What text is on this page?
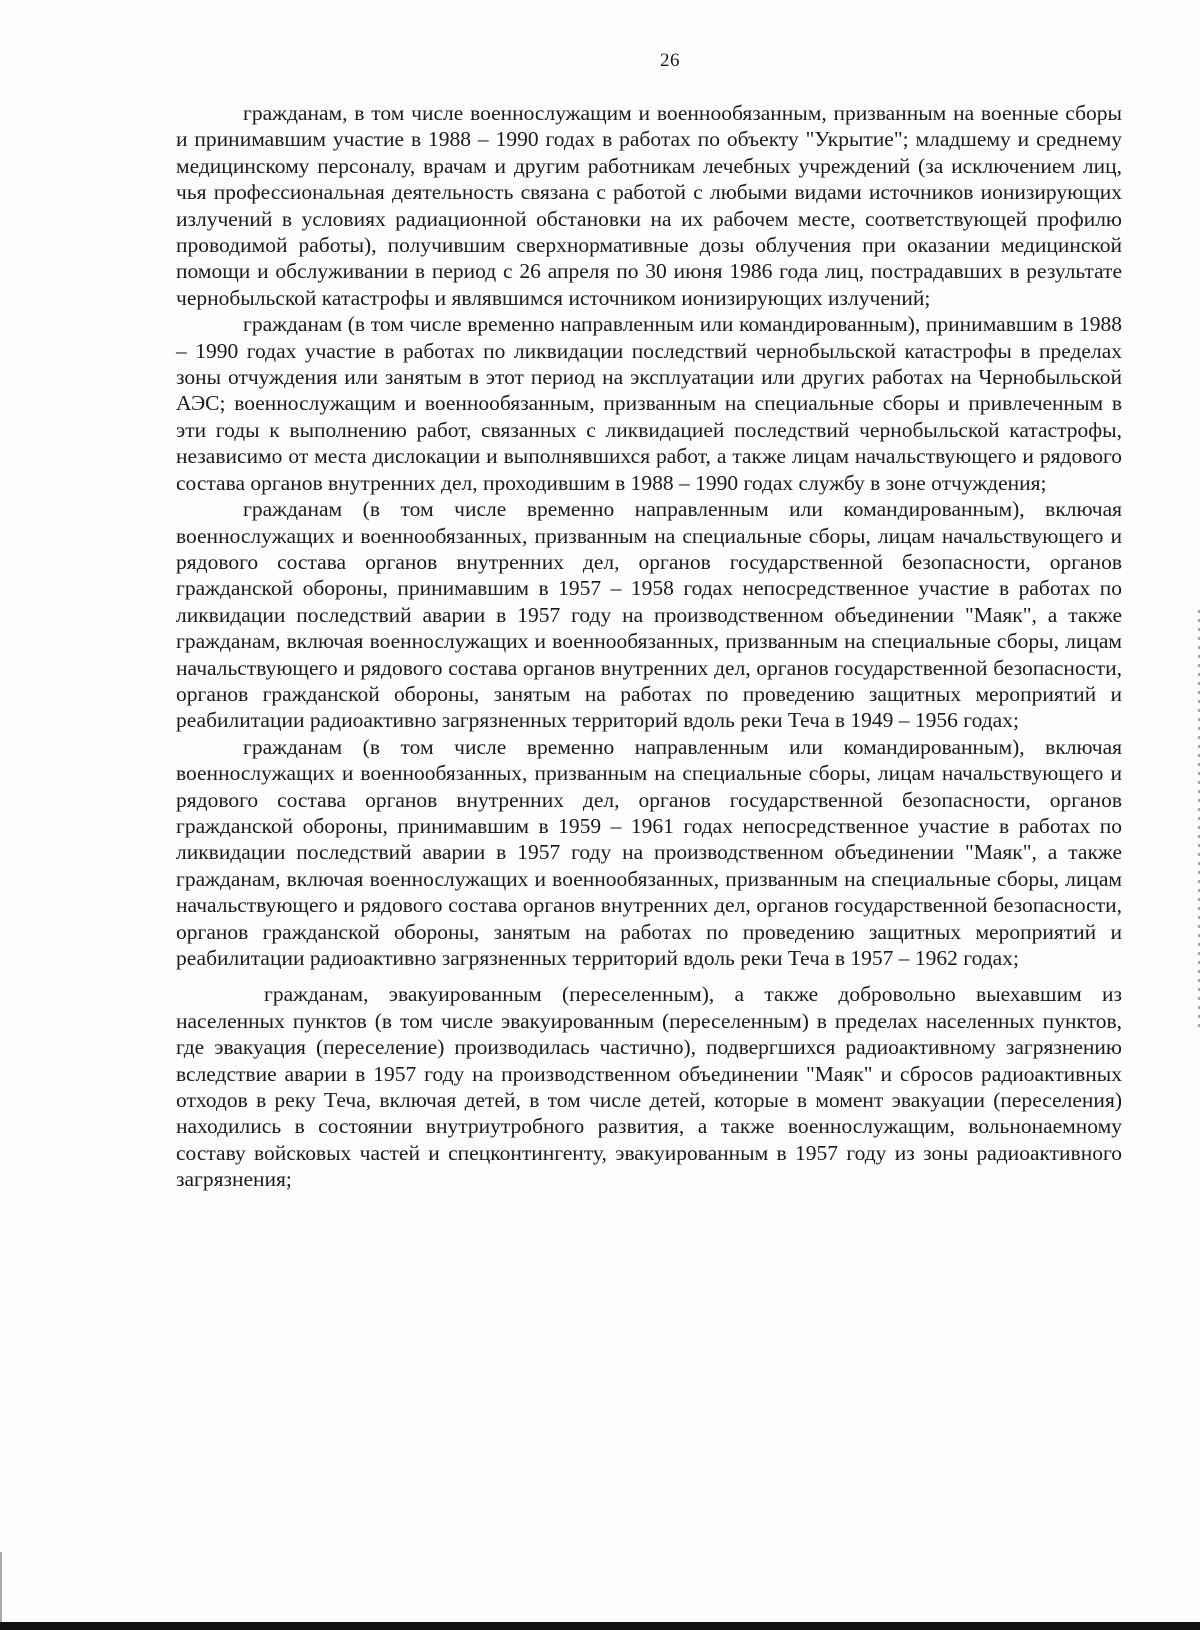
26

гражданам, в том числе военнослужащим и военнообязанным, призванным на военные сборы и принимавшим участие в 1988 – 1990 годах в работах по объекту "Укрытие"; младшему и среднему медицинскому персоналу, врачам и другим работникам лечебных учреждений (за исключением лиц, чья профессиональная деятельность связана с работой с любыми видами источников ионизирующих излучений в условиях радиационной обстановки на их рабочем месте, соответствующей профилю проводимой работы), получившим сверхнормативные дозы облучения при оказании медицинской помощи и обслуживании в период с 26 апреля по 30 июня 1986 года лиц, пострадавших в результате чернобыльской катастрофы и являвшимся источником ионизирующих излучений;

гражданам (в том числе временно направленным или командированным), принимавшим в 1988 – 1990 годах участие в работах по ликвидации последствий чернобыльской катастрофы в пределах зоны отчуждения или занятым в этот период на эксплуатации или других работах на Чернобыльской АЭС; военнослужащим и военнообязанным, призванным на специальные сборы и привлеченным в эти годы к выполнению работ, связанных с ликвидацией последствий чернобыльской катастрофы, независимо от места дислокации и выполнявшихся работ, а также лицам начальствующего и рядового состава органов внутренних дел, проходившим в 1988 – 1990 годах службу в зоне отчуждения;

гражданам (в том числе временно направленным или командированным), включая военнослужащих и военнообязанных, призванным на специальные сборы, лицам начальствующего и рядового состава органов внутренних дел, органов государственной безопасности, органов гражданской обороны, принимавшим в 1957 – 1958 годах непосредственное участие в работах по ликвидации последствий аварии в 1957 году на производственном объединении "Маяк", а также гражданам, включая военнослужащих и военнообязанных, призванным на специальные сборы, лицам начальствующего и рядового состава органов внутренних дел, органов государственной безопасности, органов гражданской обороны, занятым на работах по проведению защитных мероприятий и реабилитации радиоактивно загрязненных территорий вдоль реки Теча в 1949 – 1956 годах;

гражданам (в том числе временно направленным или командированным), включая военнослужащих и военнообязанных, призванным на специальные сборы, лицам начальствующего и рядового состава органов внутренних дел, органов государственной безопасности, органов гражданской обороны, принимавшим в 1959 – 1961 годах непосредственное участие в работах по ликвидации последствий аварии в 1957 году на производственном объединении "Маяк", а также гражданам, включая военнослужащих и военнообязанных, призванным на специальные сборы, лицам начальствующего и рядового состава органов внутренних дел, органов государственной безопасности, органов гражданской обороны, занятым на работах по проведению защитных мероприятий и реабилитации радиоактивно загрязненных территорий вдоль реки Теча в 1957 – 1962 годах;

гражданам, эвакуированным (переселенным), а также добровольно выехавшим из населенных пунктов (в том числе эвакуированным (переселенным) в пределах населенных пунктов, где эвакуация (переселение) производилась частично), подвергшихся радиоактивному загрязнению вследствие аварии в 1957 году на производственном объединении "Маяк" и сбросов радиоактивных отходов в реку Теча, включая детей, в том числе детей, которые в момент эвакуации (переселения) находились в состоянии внутриутробного развития, а также военнослужащим, вольнонаемному составу войсковых частей и спецконтингенту, эвакуированным в 1957 году из зоны радиоактивного загрязнения;
